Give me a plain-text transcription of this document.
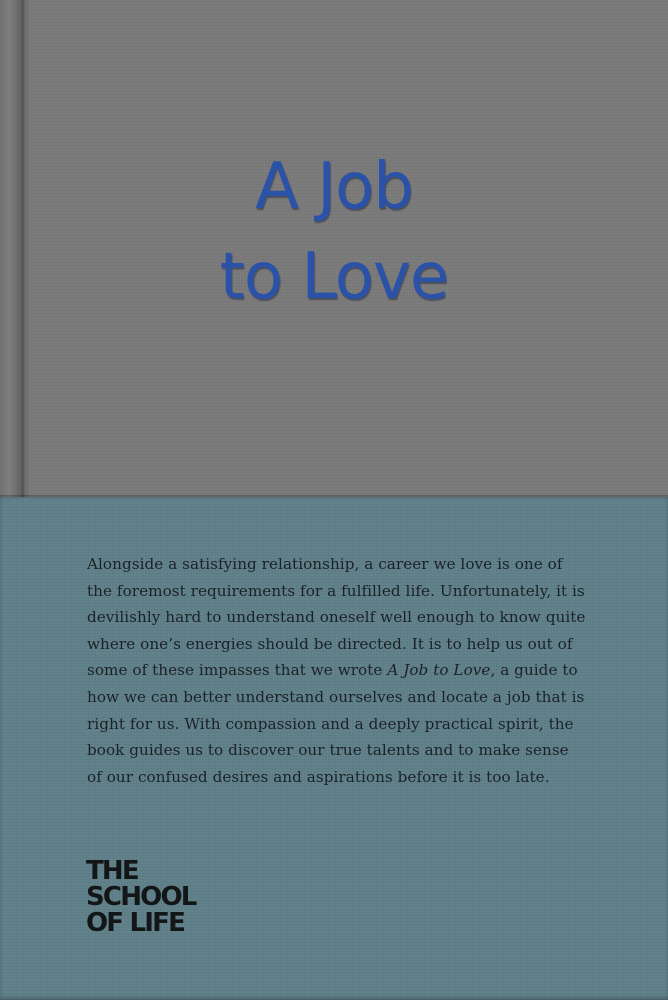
A Job
to Love

Alongside a satisfying relationship, a career we love is one of the foremost requirements for a fulfilled life. Unfortunately, it is devilishly hard to understand oneself well enough to know quite where one’s energies should be directed. It is to help us out of some of these impasses that we wrote A Job to Love, a guide to how we can better understand ourselves and locate a job that is right for us. With compassion and a deeply practical spirit, the book guides us to discover our true talents and to make sense of our confused desires and aspirations before it is too late.

THE
SCHOOL
OF LIFE
